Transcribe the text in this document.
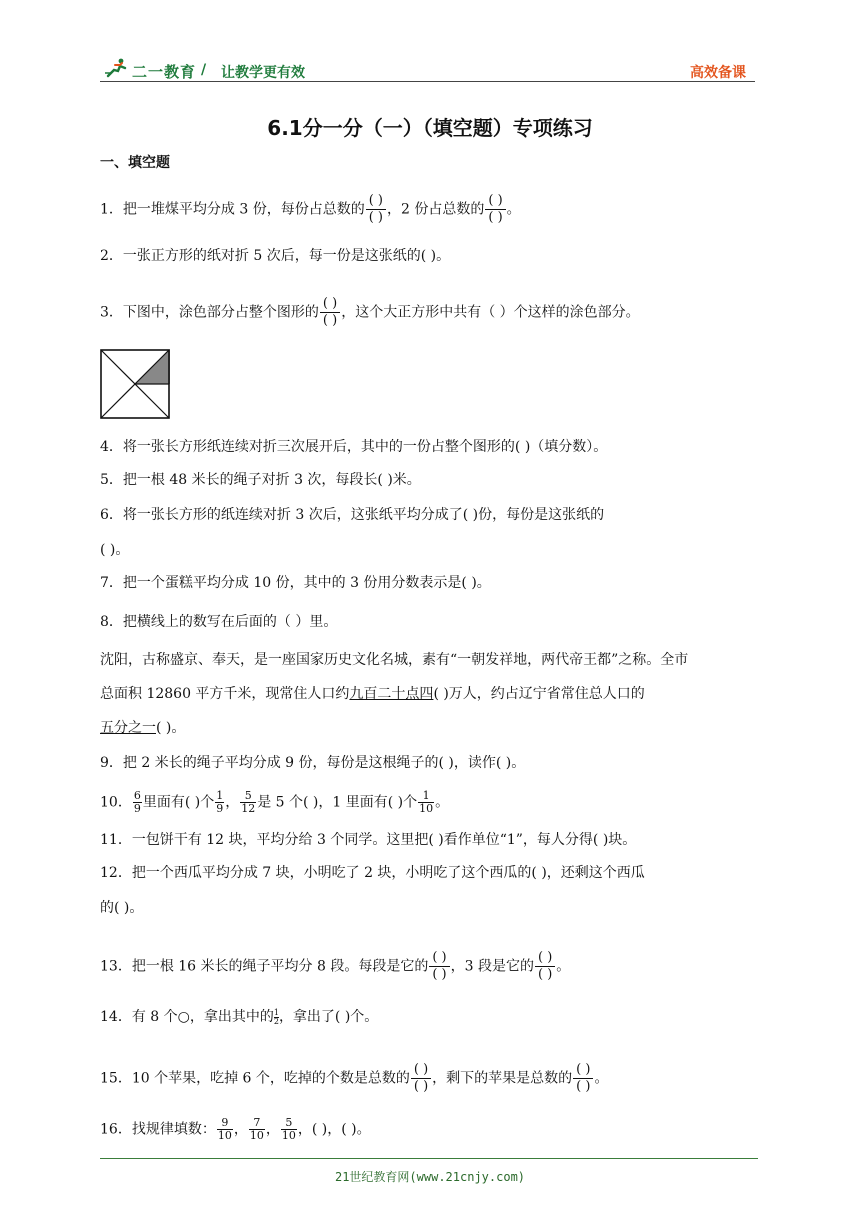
二一教育 / 让教学更有效	高效备课
6.1分一分（一）（填空题）专项练习
一、填空题
1．把一堆煤平均分成 3 份，每份占总数的 $\frac{( )}{( )}$ ，2 份占总数的 $\frac{( )}{( )}$ 。
2．一张正方形的纸对折 5 次后，每一份是这张纸的( )。
3．下图中，涂色部分占整个图形的 $\frac{( )}{( )}$ ，这个大正方形中共有（ ）个这样的涂色部分。
4．将一张长方形纸连续对折三次展开后，其中的一份占整个图形的( )（填分数）。
5．把一根 48 米长的绳子对折 3 次，每段长( )米。
6．将一张长方形的纸连续对折 3 次后，这张纸平均分成了( )份，每份是这张纸的
( )。
7．把一个蛋糕平均分成 10 份，其中的 3 份用分数表示是( )。
8．把横线上的数写在后面的（ ）里。
沈阳，古称盛京、奉天，是一座国家历史文化名城，素有“一朝发祥地，两代帝王都”之称。全市
总面积 12860 平方千米，现常住人口约九百二十点四( )万人，约占辽宁省常住总人口的
五分之一( )。
9．把 2 米长的绳子平均分成 9 份，每份是这根绳子的( )，读作( )。
10． $\frac{6}{9}$ 里面有( )个 $\frac{1}{9}$ ， $\frac{5}{12}$ 是 5 个( )，1 里面有( )个 $\frac{1}{10}$ 。
11．一包饼干有 12 块，平均分给 3 个同学。这里把( )看作单位“1”，每人分得( )块。
12．把一个西瓜平均分成 7 块，小明吃了 2 块，小明吃了这个西瓜的( )，还剩这个西瓜
的( )。
13．把一根 16 米长的绳子平均分 8 段。每段是它的 $\frac{( )}{( )}$ ，3 段是它的 $\frac{( )}{( )}$ 。
14．有 8 个○，拿出其中的 $\frac{1}{2}$ ，拿出了( )个。
15．10 个苹果，吃掉 6 个，吃掉的个数是总数的 $\frac{( )}{( )}$ ，剩下的苹果是总数的 $\frac{( )}{( )}$ 。
16．找规律填数： $\frac{9}{10}$ ， $\frac{7}{10}$ ， $\frac{5}{10}$ ，( )，( )。
21世纪教育网(www.21cnjy.com)
